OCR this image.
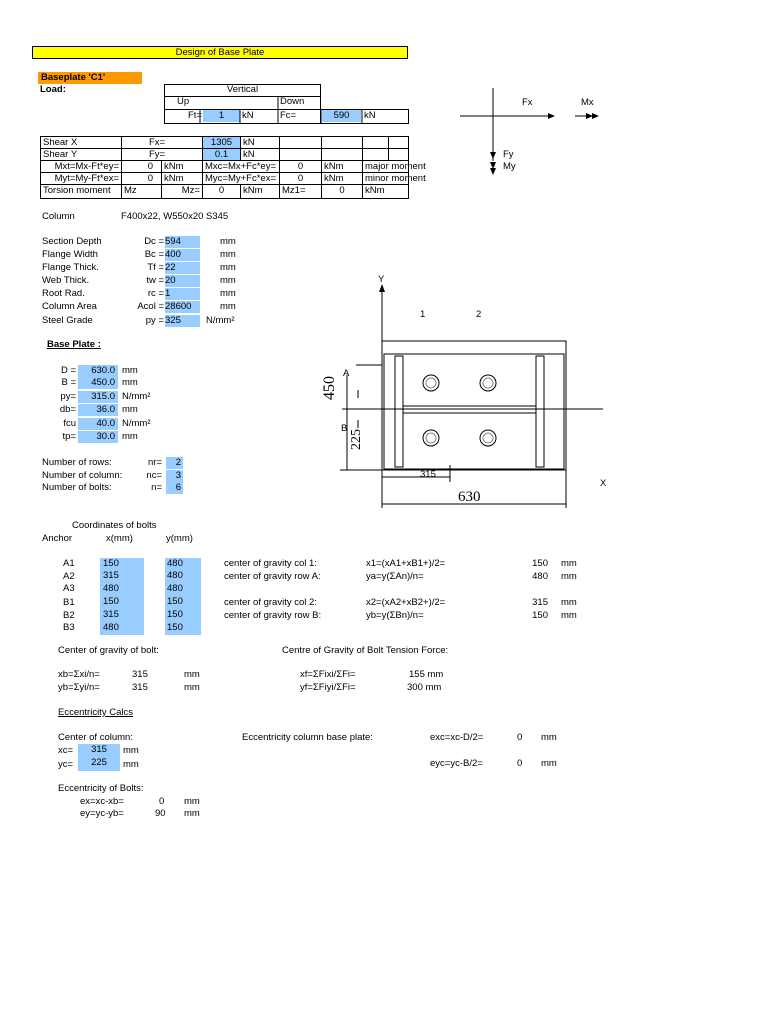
Design of Base Plate
Baseplate 'C1'
Load:	Vertical
Up	Down
Ft=	1	kN	Fc=	590	kN
Fx	Mx
Fy
My
Shear X	Fx=	1305	kN
Shear Y	Fy=	0.1	kN
Mxt=Mx-Ft*ey=	0	kNm	Mxc=Mx+Fc*ey=	0	kNm	major moment
Myt=My-Ft*ex=	0	kNm	Myc=My+Fc*ex=	0	kNm	minor moment
Torsion moment	Mz	Mz=	0	kNm	Mz1=	0	kNm
Column	F400x22, W550x20 S345
Section Depth	Dc = 594	mm
Flange Width	Bc = 400	mm
Flange Thick.	Tf = 22	mm
Web Thick.	tw = 20	mm
Root Rad.	rc = 1	mm
Column Area	Acol = 28600	mm
Steel Grade	py = 325	N/mm²
Base Plate :
D =	630.0 mm
B =	450.0 mm
py=	315.0 N/mm²
db=	36.0 mm
fcu	40.0 N/mm²
tp=	30.0 mm
Number of rows:	nr=	2
Number of column:	nc=	3
Number of bolts:	n=	6
Y
X
1	2
A
B
315
630
450
225
Coordinates of bolts
Anchor	x(mm)	y(mm)
A1	150	480
A2	315	480
A3	480	480
B1	150	150
B2	315	150
B3	480	150
center of gravity col 1:	x1=(xA1+xB1+)/2=	150 mm
center of gravity row A:	ya=y(ΣAn)/n=	480 mm
center of gravity col 2:	x2=(xA2+xB2+)/2=	315 mm
center of gravity row B:	yb=y(ΣBn)/n=	150 mm
Center of gravity of bolt:
xb=Σxi/n=	315	mm
yb=Σyi/n=	315	mm
Centre of Gravity of Bolt Tension Force:
xf=ΣFixi/ΣFi=	155 mm
yf=ΣFiyi/ΣFi=	300 mm
Eccentricity Calcs
Center of column:
xc=	315	mm
yc=	225	mm
Eccentricity column base plate:	exc=xc-D/2=	0 mm
eyc=yc-B/2=	0 mm
Eccentricity of Bolts:
ex=xc-xb=	0 mm
ey=yc-yb=	90 mm
